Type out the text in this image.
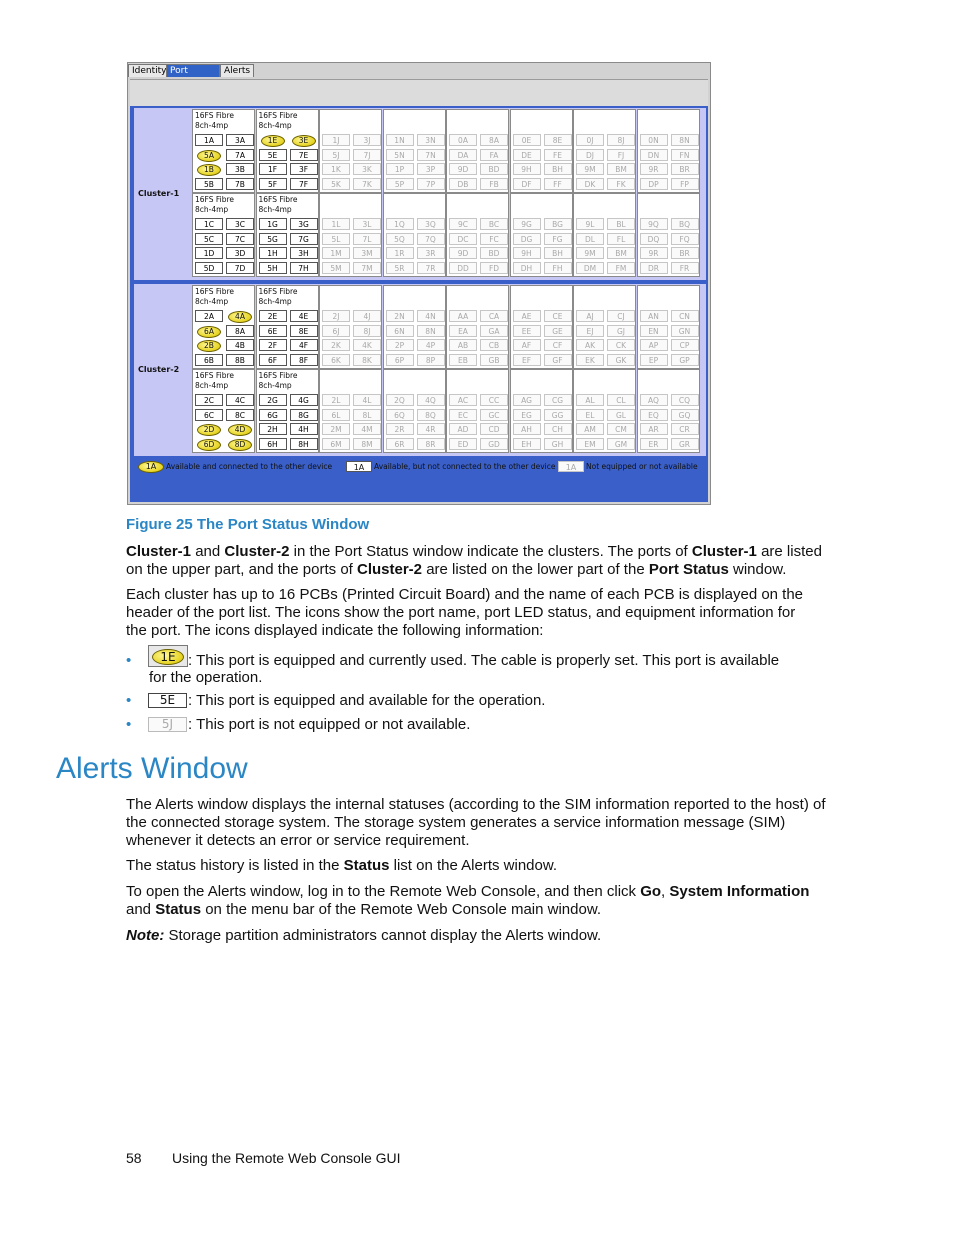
Identity Port	Alerts
Cluster-1
16FS Fibre
8ch-4mp
1A	3A
5A	7A
1B	3B
5B	7B
16FS Fibre
8ch-4mp
1E	3E
5E	7E
1F	3F
5F	7F
1J	3J
5J	7J
1K	3K
5K	7K
1N	3N
5N	7N
1P	3P
5P	7P
0A	8A
DA	FA
9D	BD
DB	FB
0E	8E
DE	FE
9H	BH
DF	FF
0J	8J
DJ	FJ
9M	BM
DK	FK
0N	8N
DN	FN
9R	BR
DP	FP
16FS Fibre
8ch-4mp
1C	3C
5C	7C
1D	3D
5D	7D
16FS Fibre
8ch-4mp
1G	3G
5G	7G
1H	3H
5H	7H
1L	3L
5L	7L
1M	3M
5M	7M
1Q	3Q
5Q	7Q
1R	3R
5R	7R
9C	BC
DC	FC
9D	BD
DD	FD
9G	BG
DG	FG
9H	BH
DH	FH
9L	BL
DL	FL
9M	BM
DM	FM
9Q	BQ
DQ	FQ
9R	BR
DR	FR
Cluster-2
16FS Fibre
8ch-4mp
2A	4A
6A	8A
2B	4B
6B	8B
16FS Fibre
8ch-4mp
2E	4E
6E	8E
2F	4F
6F	8F
2J	4J
6J	8J
2K	4K
6K	8K
2N	4N
6N	8N
2P	4P
6P	8P
AA	CA
EA	GA
AB	CB
EB	GB
AE	CE
EE	GE
AF	CF
EF	GF
AJ	CJ
EJ	GJ
AK	CK
EK	GK
AN	CN
EN	GN
AP	CP
EP	GP
16FS Fibre
8ch-4mp
2C	4C
6C	8C
2D	4D
6D	8D
16FS Fibre
8ch-4mp
2G	4G
6G	8G
2H	4H
6H	8H
2L	4L
6L	8L
2M	4M
6M	8M
2Q	4Q
6Q	8Q
2R	4R
6R	8R
AC	CC
EC	GC
AD	CD
ED	GD
AG	CG
EG	GG
AH	CH
EH	GH
AL	CL
EL	GL
AM	CM
EM	GM
AQ	CQ
EQ	GQ
AR	CR
ER	GR
1A	Available and connected to the other device	1A	Available, but not connected to the other device	1A	Not equipped or not available
Figure 25 The Port Status Window
Cluster-1 and Cluster-2 in the Port Status window indicate the clusters. The ports of Cluster-1 are listed on the upper part, and the ports of Cluster-2 are listed on the lower part of the Port Status window.
Each cluster has up to 16 PCBs (Printed Circuit Board) and the name of each PCB is displayed on the header of the port list. The icons show the port name, port LED status, and equipment information for the port. The icons displayed indicate the following information:
•	1E : This port is equipped and currently used. The cable is properly set. This port is available
for the operation.
•	5E : This port is equipped and available for the operation.
•	5J : This port is not equipped or not available.
Alerts Window
The Alerts window displays the internal statuses (according to the SIM information reported to the host) of the connected storage system. The storage system generates a service information message (SIM) whenever it detects an error or service requirement.
The status history is listed in the Status list on the Alerts window.
To open the Alerts window, log in to the Remote Web Console, and then click Go, System Information and Status on the menu bar of the Remote Web Console main window.
Note: Storage partition administrators cannot display the Alerts window.
58 Using the Remote Web Console GUI
